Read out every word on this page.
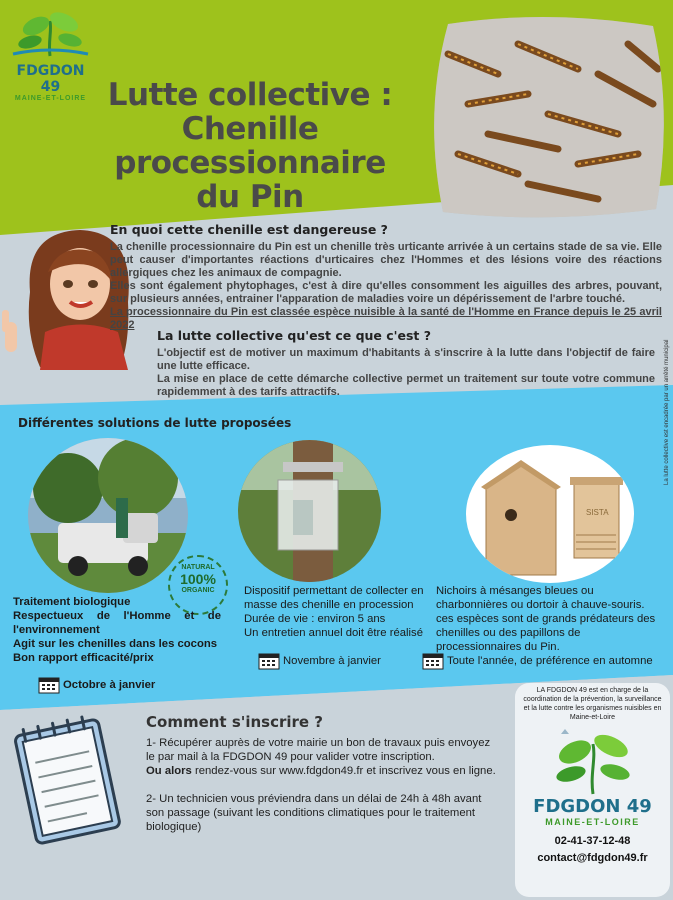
FDGDON 49
MAINE-ET-LOIRE Lutte collective :
Chenille processionnaire
du Pin
En quoi cette chenille est dangereuse ?
La chenille processionnaire du Pin est un chenille très urticante arrivée à un certains stade de sa vie. Elle peut causer d'importantes réactions d'urticaires chez l'Hommes et des lésions voire des réactions allergiques chez les animaux de compagnie.
Elles sont également phytophages, c'est à dire qu'elles consomment les aiguilles des arbres, pouvant, sur plusieurs années, entrainer l'apparation de maladies voire un dépérissement de l'arbre touché.
La processionnaire du Pin est classée espèce nuisible à la santé de l'Homme en France depuis le 25 avril 2022
La lutte collective qu'est ce que c'est ?
L'objectif est de motiver un maximum d'habitants à s'inscrire à la lutte dans l'objectif de faire une lutte efficace.
La mise en place de cette démarche collective permet un traitement sur toute votre commune rapidemment à des tarifs attractifs.	La lutte collective est encadrée par un arrêté municipal
Différentes solutions de lutte proposées
NATURAL
100%
ORGANIC
Traitement biologique
Respectueux de l'Homme et de l'environnement
Agit sur les chenilles dans les cocons
Bon rapport efficacité/prix
Octobre à janvier
Dispositif permettant de collecter en masse des chenille en procession
Durée de vie : environ 5 ans
Un entretien annuel doit être réalisé
Novembre à janvier
SISTA
Nichoirs à mésanges bleues ou charbonnières ou dortoir à chauve-souris. ces espèces sont de grands prédateurs des chenilles ou des papillons de processionnaires du Pin.
Toute l'année, de préférence en automne
Comment s'inscrire ?
1- Récupérer auprès de votre mairie un bon de travaux puis envoyez le par mail à la FDGDON 49 pour valider votre inscription.
Ou alors rendez-vous sur www.fdgdon49.fr et inscrivez vous en ligne.
2- Un technicien vous préviendra dans un délai de 24h à 48h avant son passage (suivant les conditions climatiques pour le traitement biologique)
LA FDGDON 49 est en charge de la coordination de la prévention, la surveillance et la lutte contre les organismes nuisibles en Maine-et-Loire
FDGDON 49
MAINE-ET-LOIRE
02-41-37-12-48
contact@fdgdon49.fr
